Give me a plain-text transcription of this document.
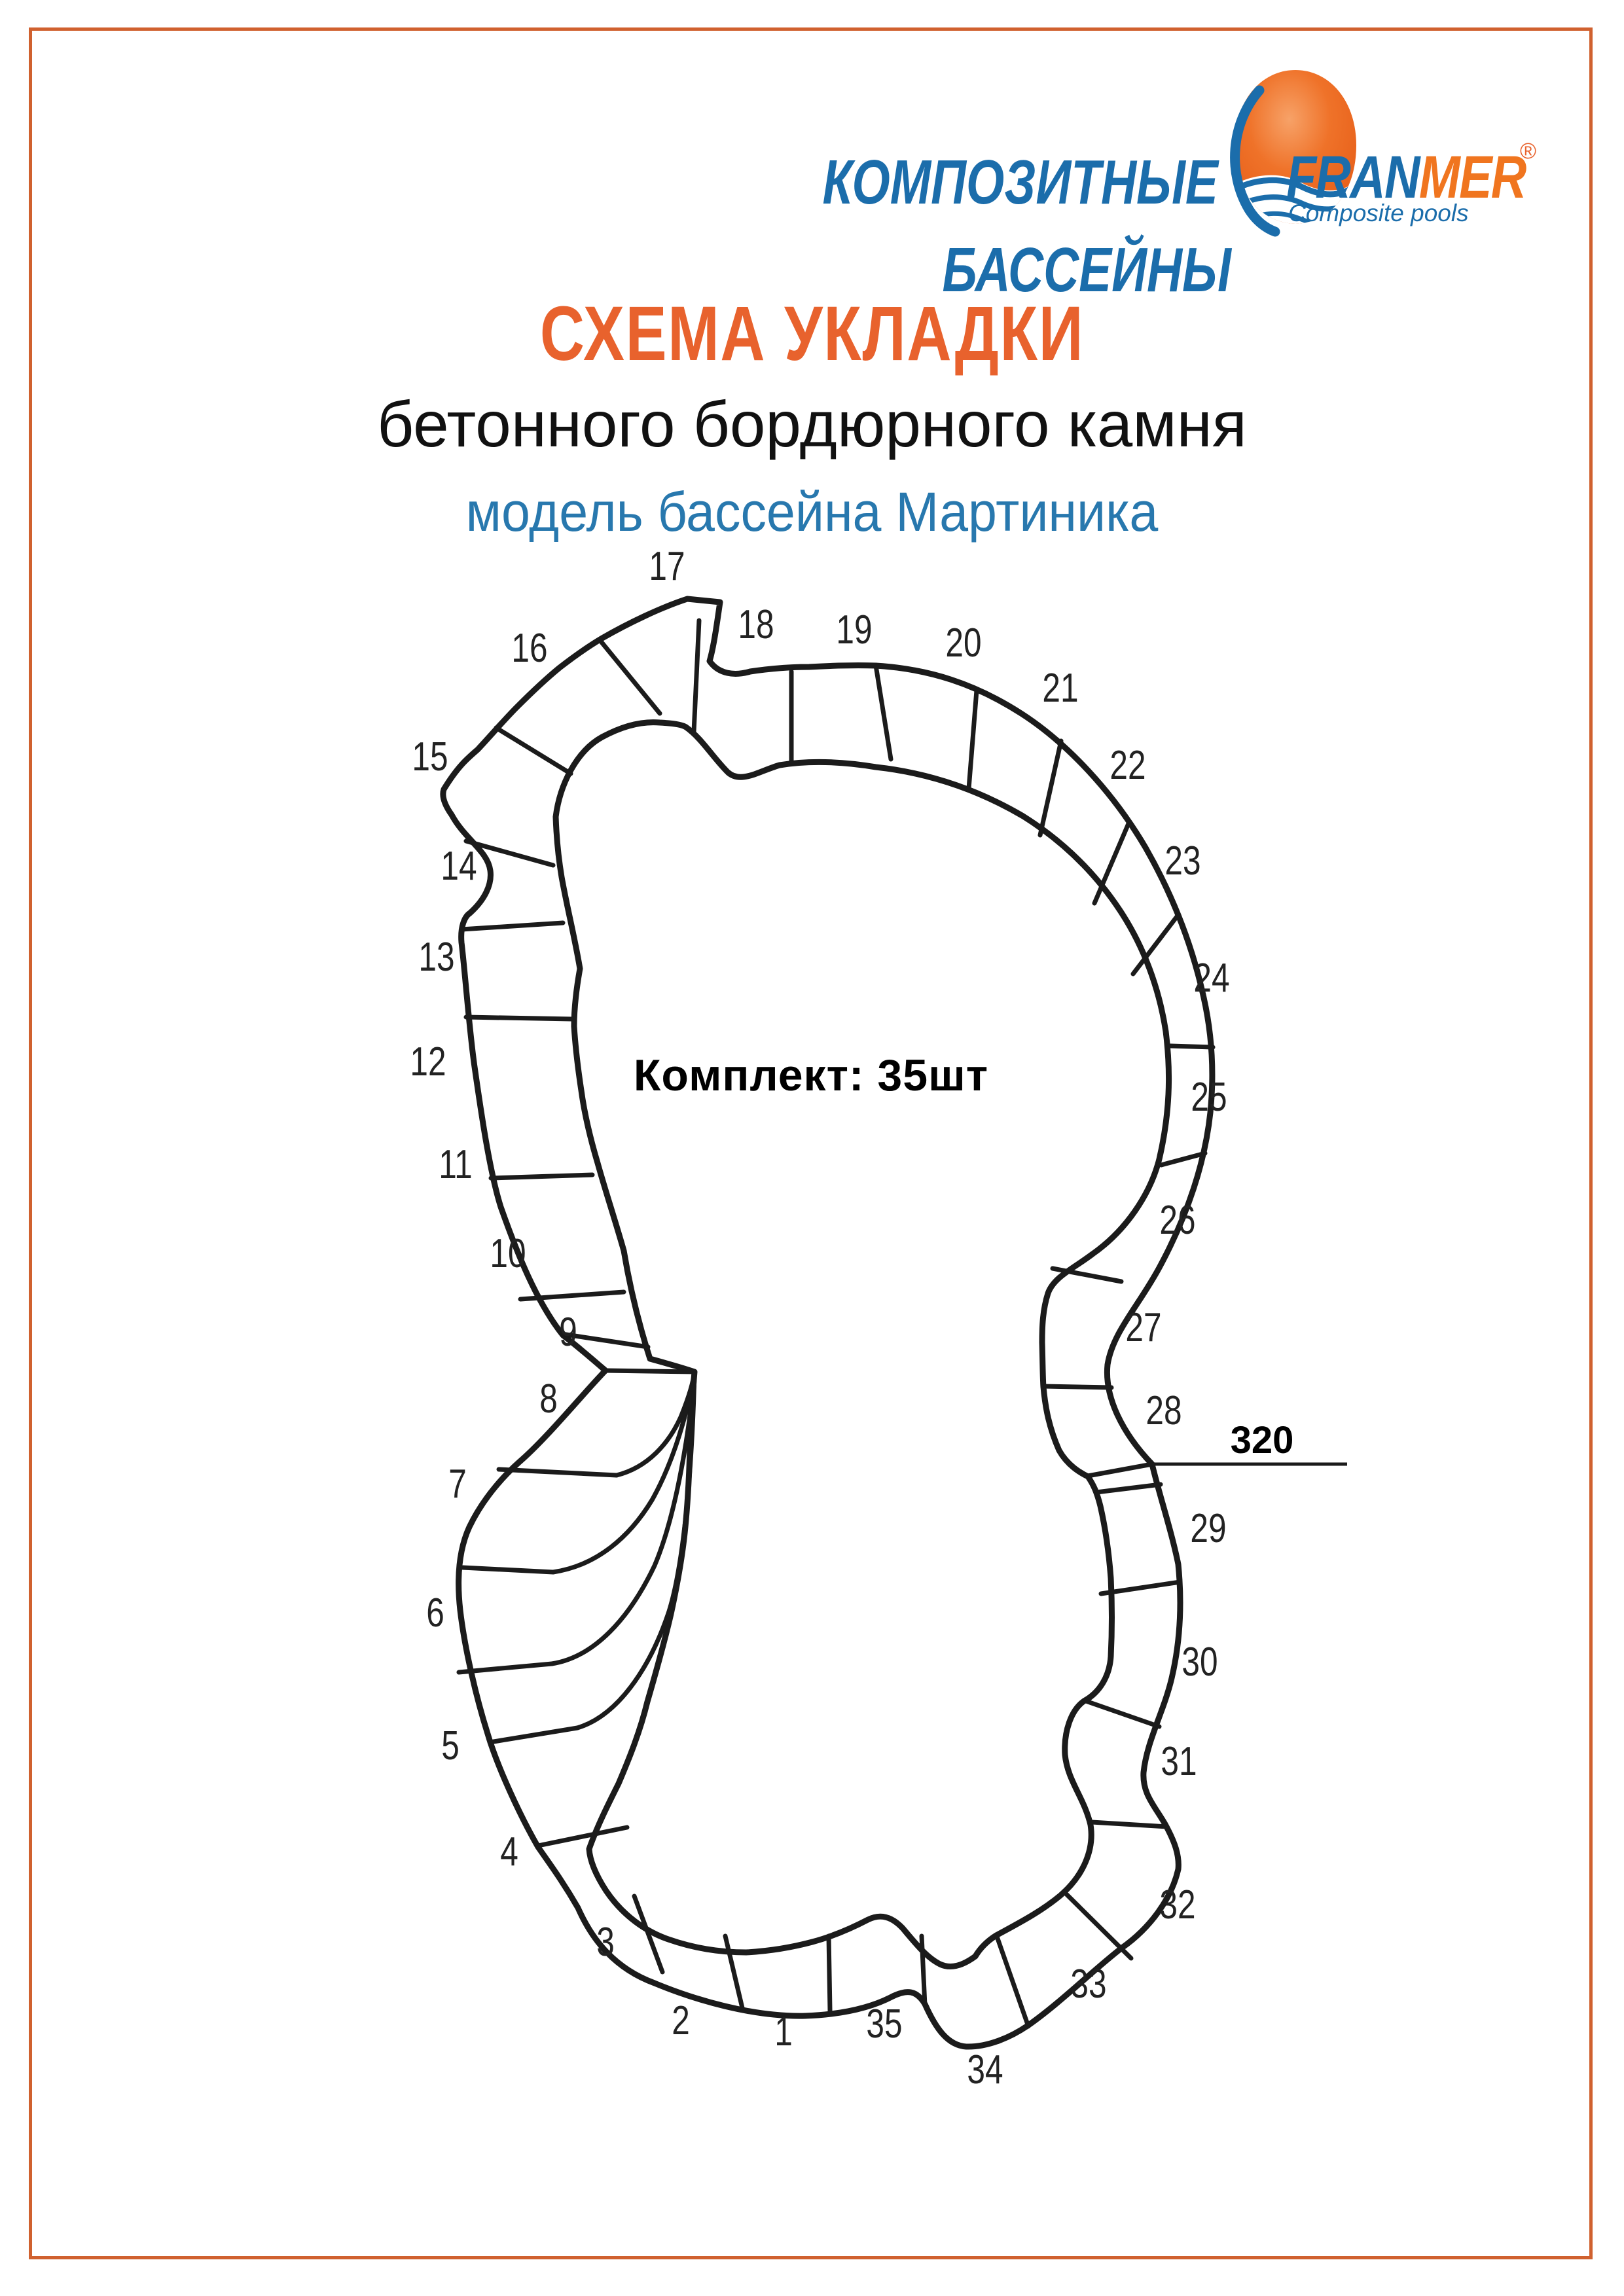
КОМПОЗИТНЫЕ
БАССЕЙНЫ
FRANMER
®
Composite pools
СХЕМА УКЛАДКИ
бетонного бордюрного камня
модель бассейна Мартиника
Комплект: 35шт
320
1
2
3
4
5
6
7
8
9
10
11
12
13
14
15
16
17
18 19 20
21
22
23
24
25
26
27
28
29
30
31
32
33
34
35
